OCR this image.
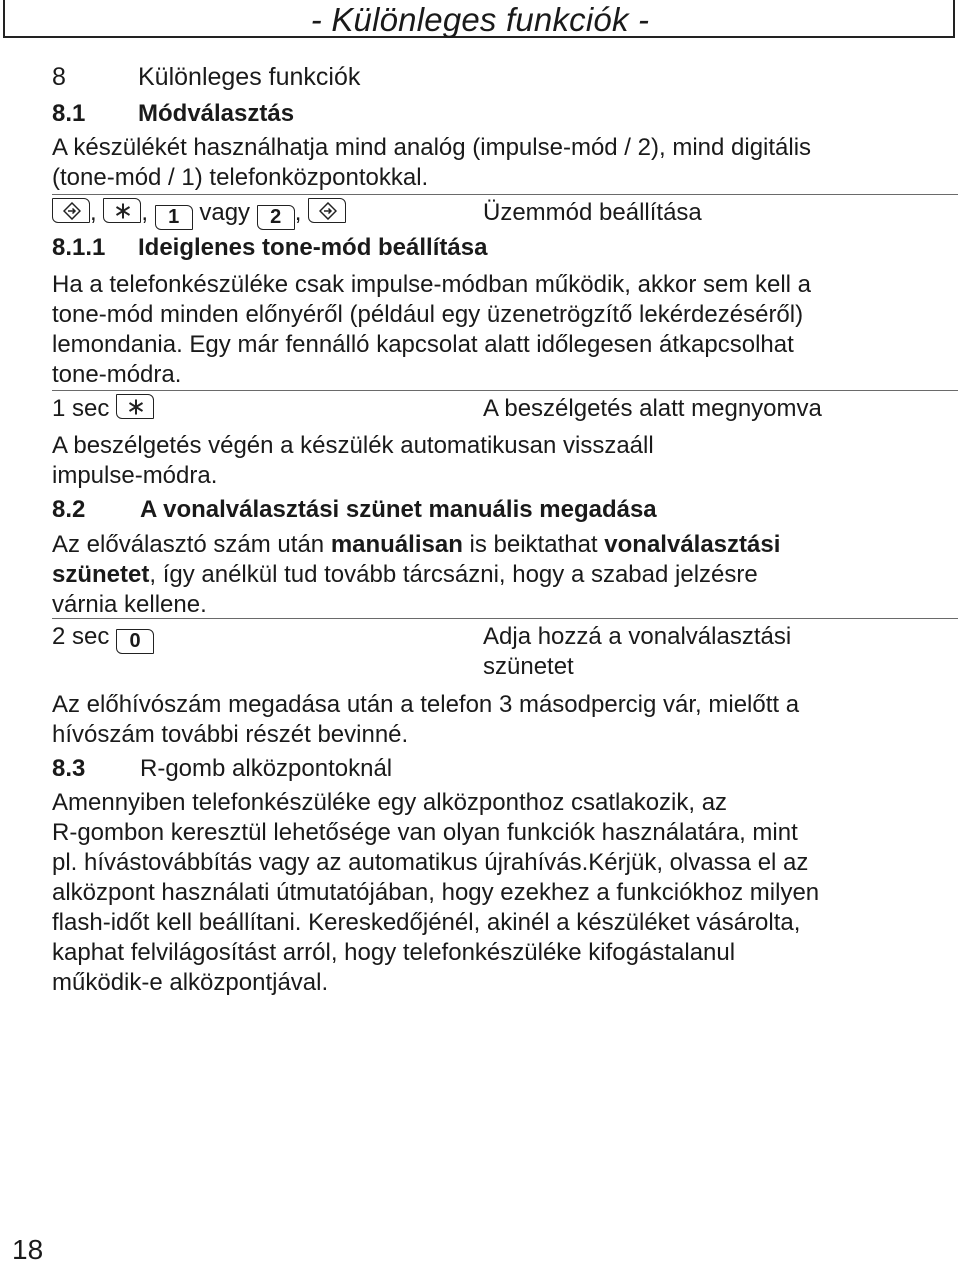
- Különleges funkciók -
8	Különleges funkciók
8.1 Módválasztás
A készülékét használhatja mind analóg (impulse-mód / 2), mind digitális
(tone-mód / 1) telefonközpontokkal.
, , 1 vagy 2 ,	Üzemmód beállítása
8.1.1 Ideiglenes tone-mód beállítása
Ha a telefonkészüléke csak impulse-módban működik, akkor sem kell a
tone-mód minden előnyéről (például egy üzenetrögzítő lekérdezéséről)
lemondania. Egy már fennálló kapcsolat alatt időlegesen átkapcsolhat
tone-módra.
1 sec	A beszélgetés alatt megnyomva
A beszélgetés végén a készülék automatikusan visszaáll
impulse-módra.
8.2 A vonalválasztási szünet manuális megadása
Az előválasztó szám után manuálisan is beiktathat vonalválasztási
szünetet, így anélkül tud tovább tárcsázni, hogy a szabad jelzésre
várnia kellene.
2 sec 0	Adja hozzá a vonalválasztási
szünetet
Az előhívószám megadása után a telefon 3 másodpercig vár, mielőtt a
hívószám további részét bevinné.
8.3 R-gomb alközpontoknál
Amennyiben telefonkészüléke egy alközponthoz csatlakozik, az
R-gombon keresztül lehetősége van olyan funkciók használatára, mint
pl. hívástovábbítás vagy az automatikus újrahívás.Kérjük, olvassa el az
alközpont használati útmutatójában, hogy ezekhez a funkciókhoz milyen
flash-időt kell beállítani. Kereskedőjénél, akinél a készüléket vásárolta,
kaphat felvilágosítást arról, hogy telefonkészüléke kifogástalanul
működik-e alközpontjával.
18
